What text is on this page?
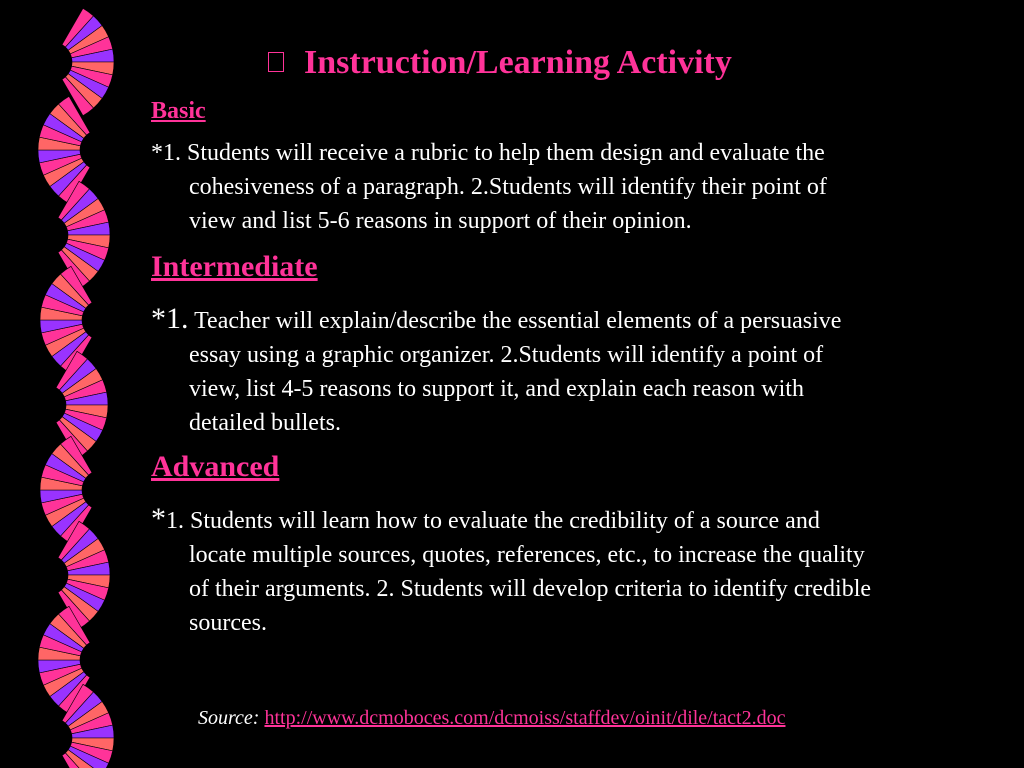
Instruction/Learning Activity
Basic
*1. Students will receive a rubric to help them design and evaluate the
cohesiveness of a paragraph. 2.Students will identify their point of
view and list 5-6 reasons in support of their opinion.
Intermediate
*1. Teacher will explain/describe the essential elements of a persuasive
essay using a graphic organizer. 2.Students will identify a point of
view, list 4-5 reasons to support it, and explain each reason with
detailed bullets.
Advanced
*1. Students will learn how to evaluate the credibility of a source and
locate multiple sources, quotes, references, etc., to increase the quality
of their arguments. 2. Students will develop criteria to identify credible
sources.
Source: http://www.dcmoboces.com/dcmoiss/staffdev/oinit/dile/tact2.doc
